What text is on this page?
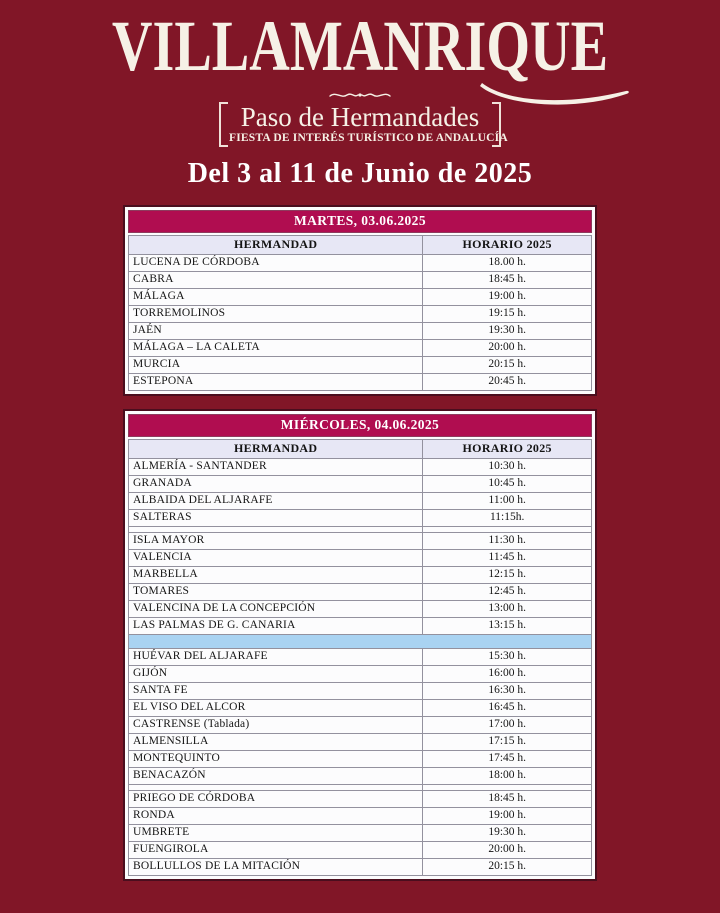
VILLAMANRIQUE
Paso de Hermandades
FIESTA DE INTERÉS TURÍSTICO DE ANDALUCÍA
Del 3 al 11 de Junio de 2025
MARTES, 03.06.2025
HERMANDAD	HORARIO 2025
LUCENA DE CÓRDOBA	18.00 h.
CABRA	18:45 h.
MÁLAGA	19:00 h.
TORREMOLINOS	19:15 h.
JAÉN	19:30 h.
MÁLAGA – LA CALETA	20:00 h.
MURCIA	20:15 h.
ESTEPONA	20:45 h.
MIÉRCOLES, 04.06.2025
HERMANDAD	HORARIO 2025
ALMERÍA - SANTANDER	10:30 h.
GRANADA	10:45 h.
ALBAIDA DEL ALJARAFE	11:00 h.
SALTERAS	11:15h.

ISLA MAYOR	11:30 h.
VALENCIA	11:45 h.
MARBELLA	12:15 h.
TOMARES	12:45 h.
VALENCINA DE LA CONCEPCIÓN	13:00 h.
LAS PALMAS DE G. CANARIA	13:15 h.

HUÉVAR DEL ALJARAFE	15:30 h.
GIJÓN	16:00 h.
SANTA FE	16:30 h.
EL VISO DEL ALCOR	16:45 h.
CASTRENSE (Tablada)	17:00 h.
ALMENSILLA	17:15 h.
MONTEQUINTO	17:45 h.
BENACAZÓN	18:00 h.

PRIEGO DE CÓRDOBA	18:45 h.
RONDA	19:00 h.
UMBRETE	19:30 h.
FUENGIROLA	20:00 h.
BOLLULLOS DE LA MITACIÓN	20:15 h.
